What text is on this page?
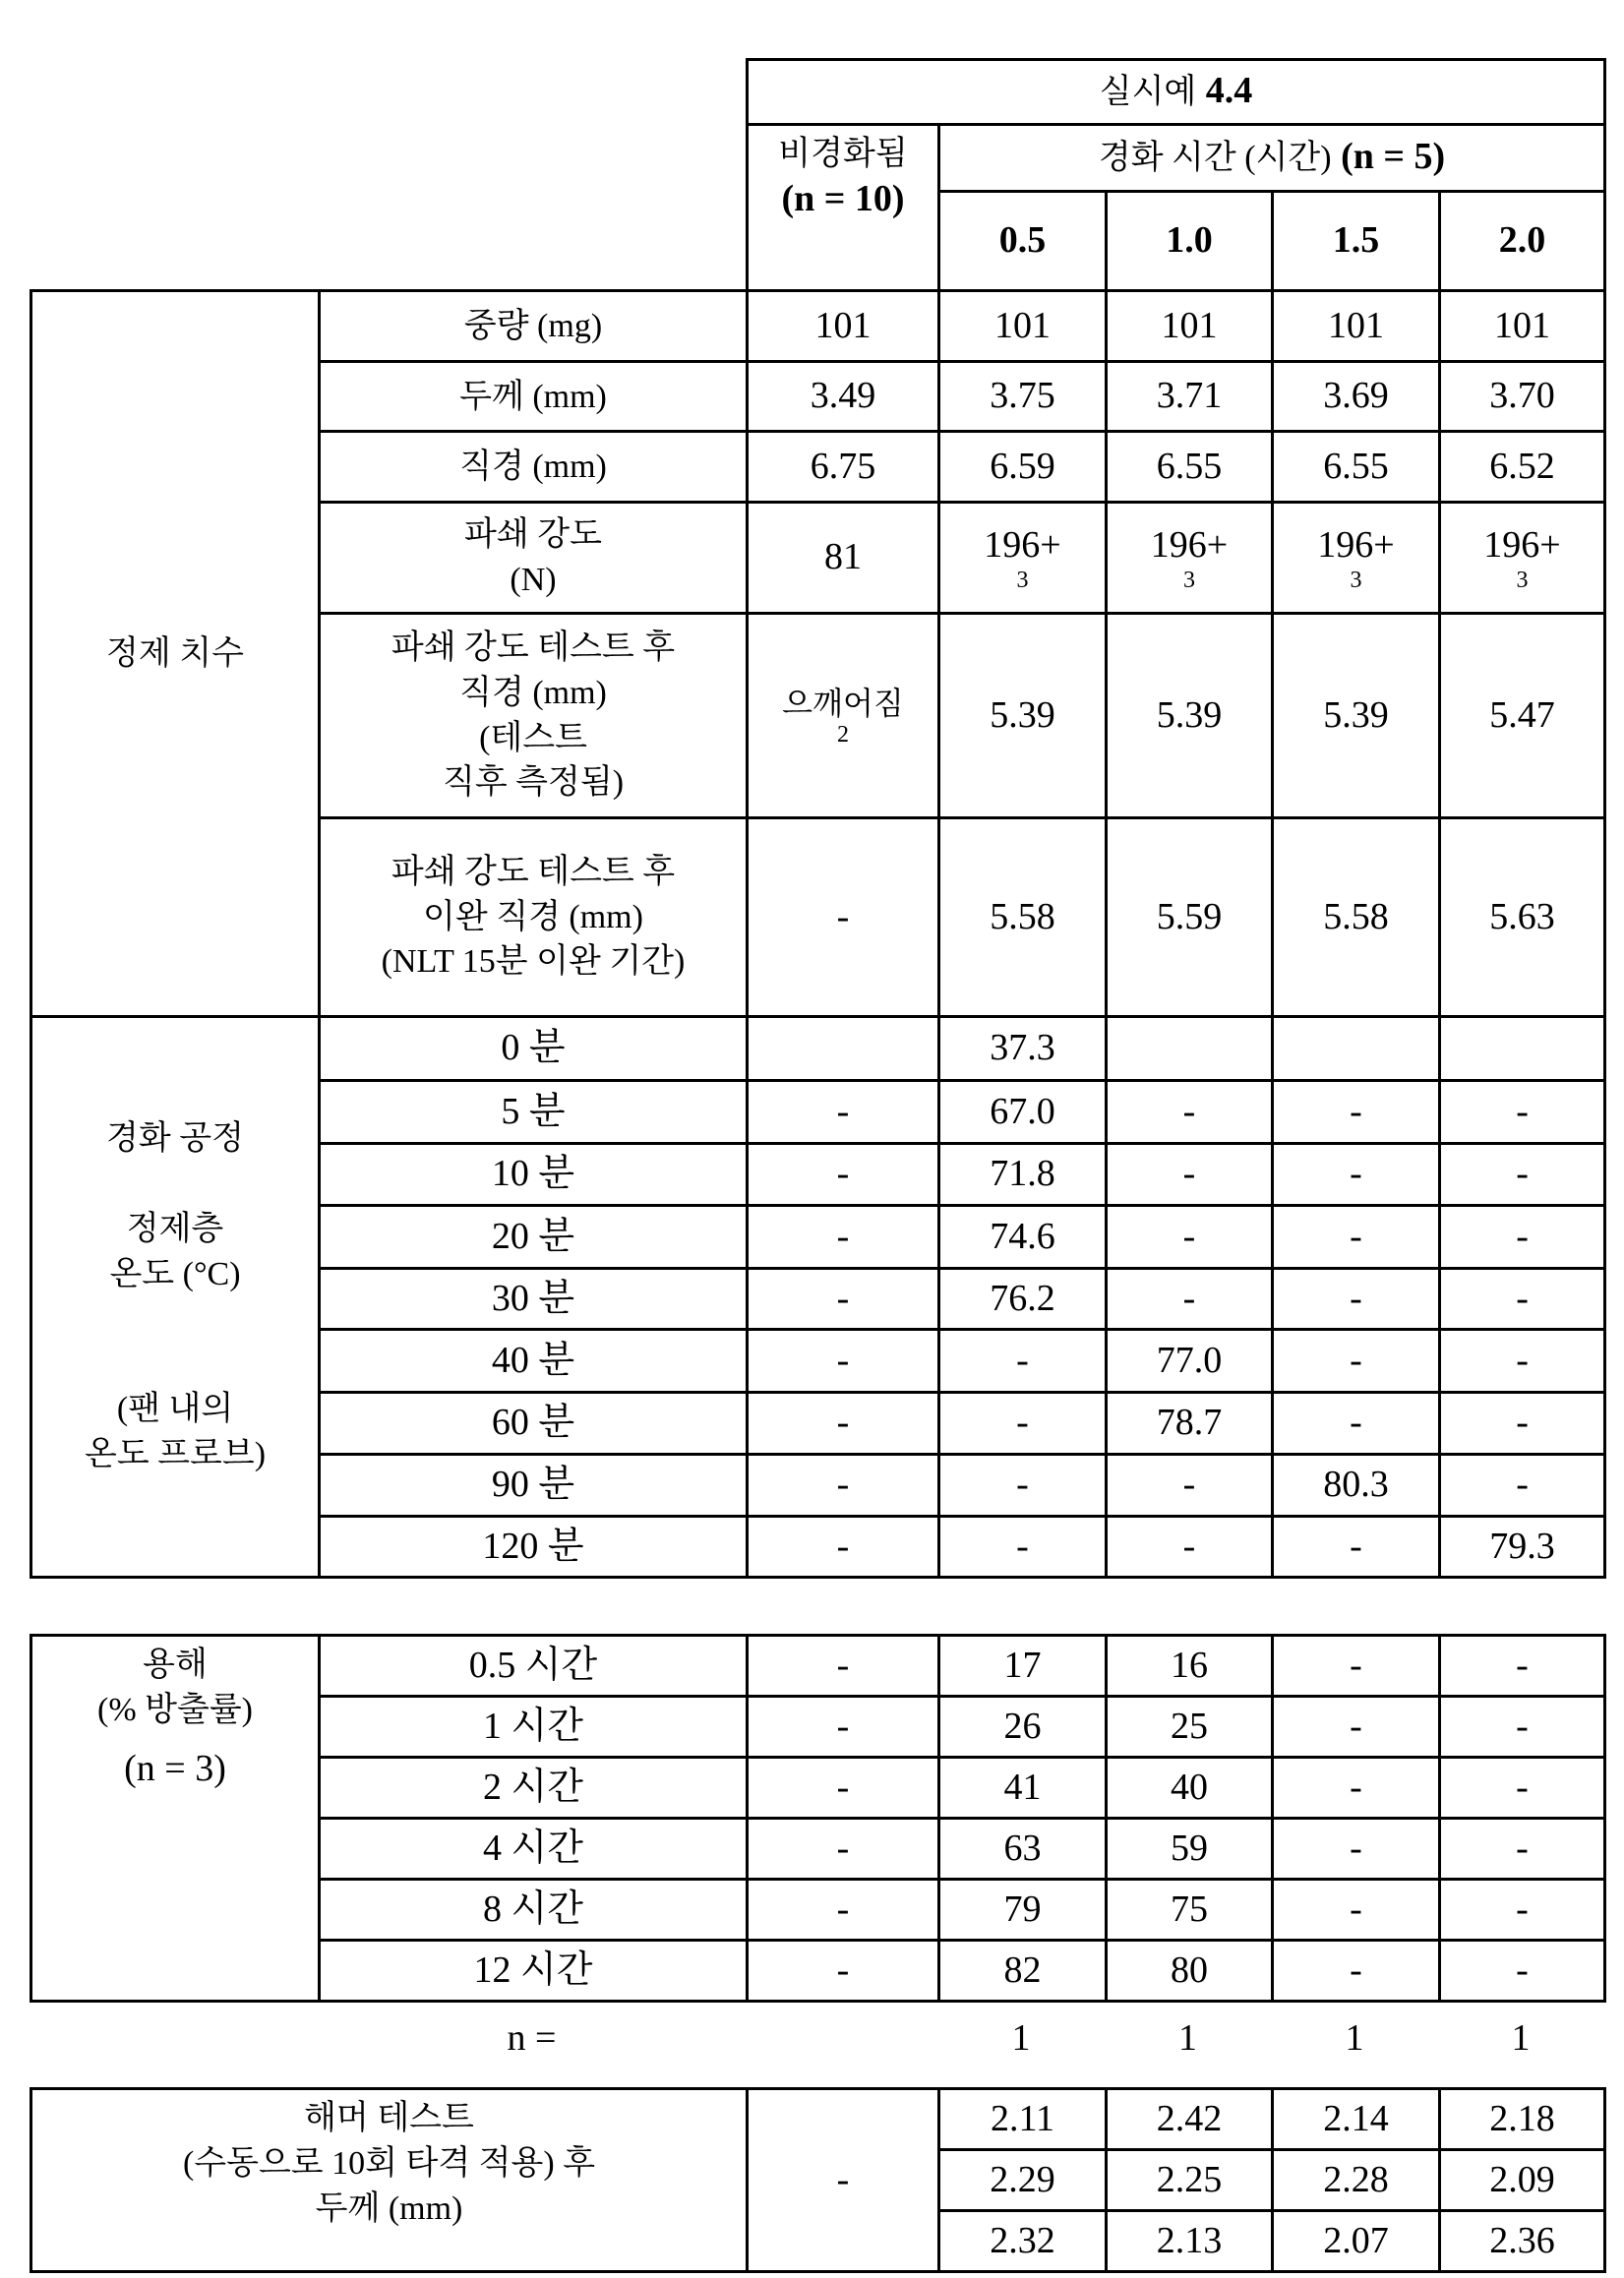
	실시예 4.4

비경화됨
(n = 10)
	경화 시간 (시간) (n = 5)
0.5	1.0	1.5	2.0
정제 치수	중량 (mg)	101	101	101	101	101
두께 (mm)	3.49	3.75	3.71	3.69	3.70
직경 (mm)	6.75	6.59	6.55	6.55	6.52

파쇄 강도
(N)
	81	196+
3
	196+
3
	196+
3
	196+
3

파쇄 강도 테스트 후
직경 (mm)
(테스트
직후 측정됨)
	으깨어짐
2	5.39	5.39	5.39	5.47

파쇄 강도 테스트 후
이완 직경 (mm)
(NLT 15분 이완 기간)
	-	5.58	5.59	5.58	5.63

경화 공정

정제층
온도 (°C)

(팬 내의
온도 프로브)
	0 분		37.3			
5 분	-	67.0	-	-	-
10 분	-	71.8	-	-	-
20 분	-	74.6	-	-	-
30 분	-	76.2	-	-	-
40 분	-	-	77.0	-	-
60 분	-	-	78.7	-	-
90 분	-	-	-	80.3	-
120 분	-	-	-	-	79.3
용해
(% 방출률)
(n = 3)
	0.5 시간	-	17	16	-	-
1 시간	-	26	25	-	-
2 시간	-	41	40	-	-
4 시간	-	63	59	-	-
8 시간	-	79	75	-	-
12 시간	-	82	80	-	-
n =	1	1	1	1
해머 테스트
(수동으로 10회 타격 적용) 후
두께 (mm)
	-	2.11	2.42	2.14	2.18
2.29	2.25	2.28	2.09
2.32	2.13	2.07	2.36
